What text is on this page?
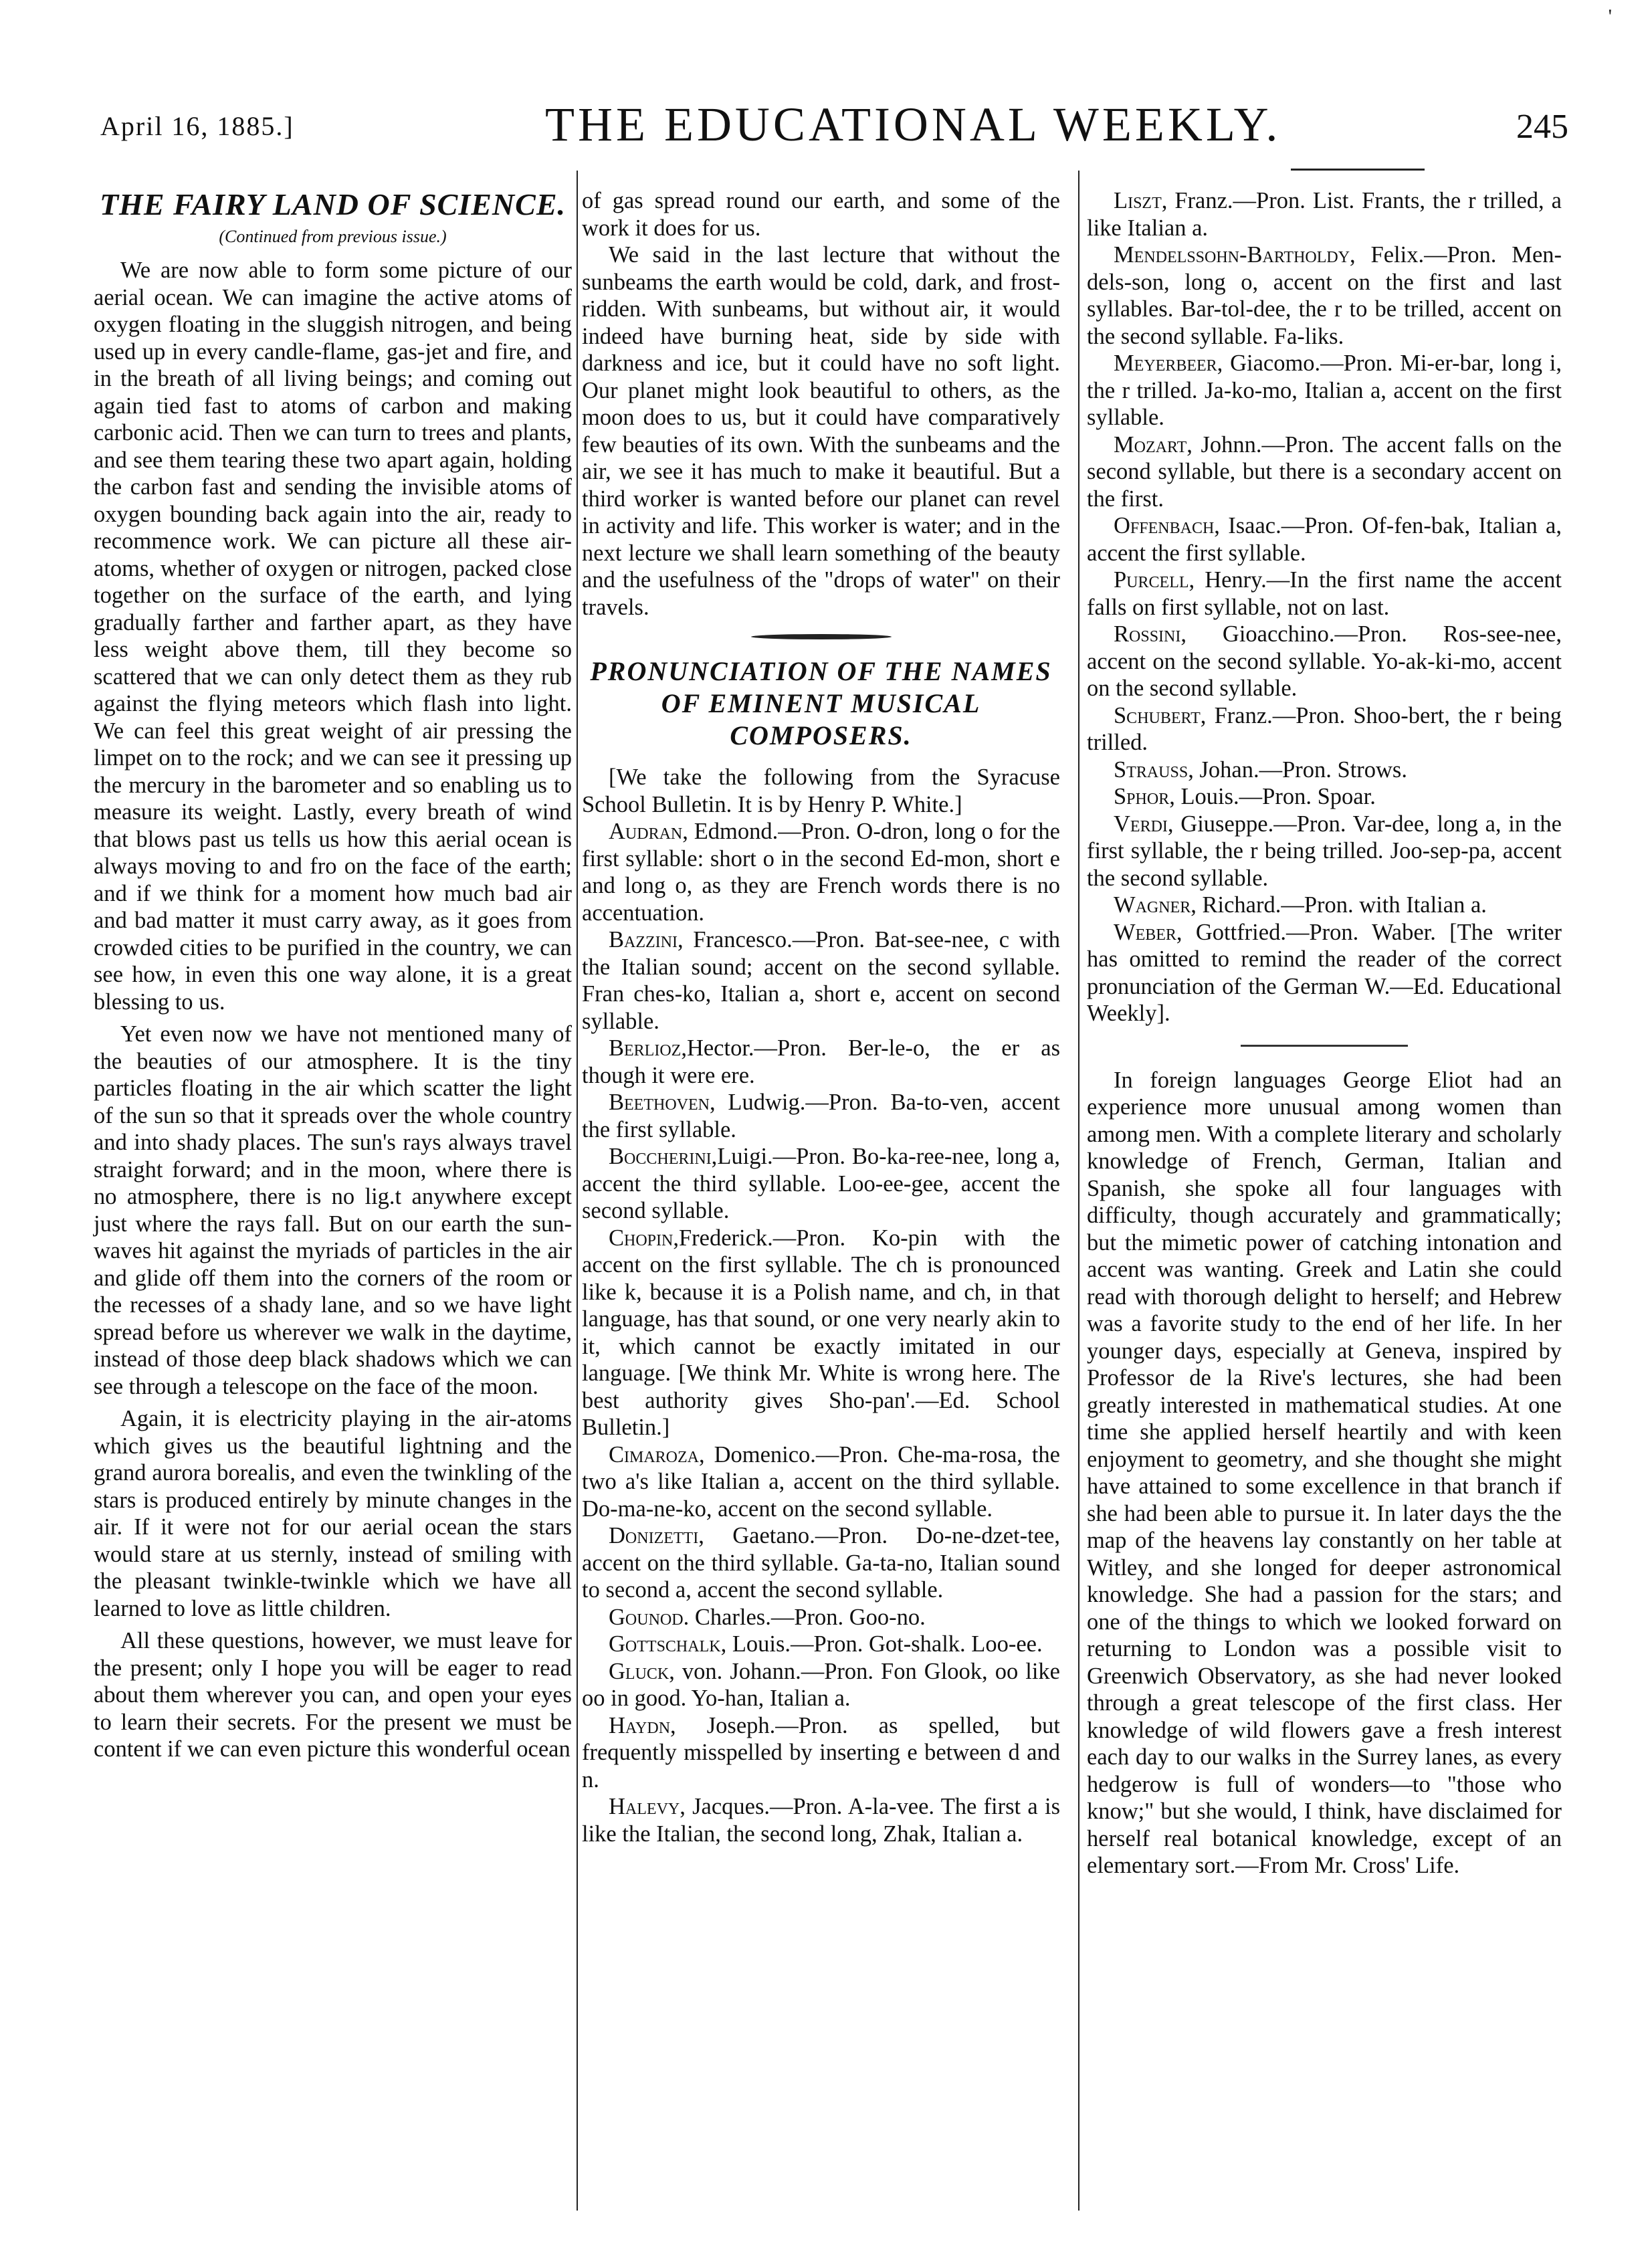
April 16, 1885.]	THE EDUCATIONAL WEEKLY.	245
'
THE FAIRY LAND OF SCIENCE.
(Continued from previous issue.)

We are now able to form some picture of our aerial ocean. We can imagine the active atoms of oxygen floating in the sluggish nitrogen, and being used up in every candle-flame, gas-jet and fire, and in the breath of all living beings; and coming out again tied fast to atoms of carbon and making carbonic acid. Then we can turn to trees and plants, and see them tearing these two apart again, holding the carbon fast and sending the invisible atoms of oxygen bounding back again into the air, ready to recommence work. We can picture all these air-atoms, whether of oxygen or nitrogen, packed close together on the surface of the earth, and lying gradually farther and farther apart, as they have less weight above them, till they become so scattered that we can only detect them as they rub against the flying meteors which flash into light. We can feel this great weight of air pressing the limpet on to the rock; and we can see it pressing up the mercury in the barometer and so enabling us to measure its weight. Lastly, every breath of wind that blows past us tells us how this aerial ocean is always moving to and fro on the face of the earth; and if we think for a moment how much bad air and bad matter it must carry away, as it goes from crowded cities to be purified in the country, we can see how, in even this one way alone, it is a great blessing to us.

Yet even now we have not mentioned many of the beauties of our atmosphere. It is the tiny particles floating in the air which scatter the light of the sun so that it spreads over the whole country and into shady places. The sun's rays always travel straight forward; and in the moon, where there is no atmosphere, there is no lig.t anywhere except just where the rays fall. But on our earth the sun-waves hit against the myriads of particles in the air and glide off them into the corners of the room or the recesses of a shady lane, and so we have light spread before us wherever we walk in the daytime, instead of those deep black shadows which we can see through a telescope on the face of the moon.

Again, it is electricity playing in the air-atoms which gives us the beautiful lightning and the grand aurora borealis, and even the twinkling of the stars is produced entirely by minute changes in the air. If it were not for our aerial ocean the stars would stare at us sternly, instead of smiling with the pleasant twinkle-twinkle which we have all learned to love as little children.

All these questions, however, we must leave for the present; only I hope you will be eager to read about them wherever you can, and open your eyes to learn their secrets. For the present we must be content if we can even picture this wonderful ocean

of gas spread round our earth, and some of the work it does for us.

We said in the last lecture that without the sunbeams the earth would be cold, dark, and frost-ridden. With sunbeams, but without air, it would indeed have burning heat, side by side with darkness and ice, but it could have no soft light. Our planet might look beautiful to others, as the moon does to us, but it could have comparatively few beauties of its own. With the sunbeams and the air, we see it has much to make it beautiful. But a third worker is wanted before our planet can revel in activity and life. This worker is water; and in the next lecture we shall learn something of the beauty and the usefulness of the "drops of water" on their travels.

PRONUNCIATION OF THE NAMES OF EMINENT MUSICAL COMPOSERS.

[We take the following from the Syracuse School Bulletin. It is by Henry P. White.]

Audran, Edmond.—Pron. O-dron, long o for the first syllable: short o in the second Ed-mon, short e and long o, as they are French words there is no accentuation.

Bazzini, Francesco.—Pron. Bat-see-nee, c with the Italian sound; accent on the second syllable. Fran ches-ko, Italian a, short e, accent on second syllable.

Berlioz,Hector.—Pron. Ber-le-o, the er as though it were ere.

Beethoven, Ludwig.—Pron. Ba-to-ven, accent the first syllable.

Boccherini,Luigi.—Pron. Bo-ka-ree-nee, long a, accent the third syllable. Loo-ee-gee, accent the second syllable.

Chopin,Frederick.—Pron. Ko-pin with the accent on the first syllable. The ch is pronounced like k, because it is a Polish name, and ch, in that language, has that sound, or one very nearly akin to it, which cannot be exactly imitated in our language. [We think Mr. White is wrong here. The best authority gives Sho-pan'.—Ed. School Bulletin.]

Cimaroza, Domenico.—Pron. Che-ma-rosa, the two a's like Italian a, accent on the third syllable. Do-ma-ne-ko, accent on the second syllable.

Donizetti, Gaetano.—Pron. Do-ne-dzet-tee, accent on the third syllable. Ga-ta-no, Italian sound to second a, accent the second syllable.

Gounod. Charles.—Pron. Goo-no.

Gottschalk, Louis.—Pron. Got-shalk. Loo-ee.

Gluck, von. Johann.—Pron. Fon Glook, oo like oo in good. Yo-han, Italian a.

Haydn, Joseph.—Pron. as spelled, but frequently misspelled by inserting e between d and n.

Halevy, Jacques.—Pron. A-la-vee. The first a is like the Italian, the second long, Zhak, Italian a.

Liszt, Franz.—Pron. List. Frants, the r trilled, a like Italian a.

Mendelssohn-Bartholdy, Felix.—Pron. Men-dels-son, long o, accent on the first and last syllables. Bar-tol-dee, the r to be trilled, accent on the second syllable. Fa-liks.

Meyerbeer, Giacomo.—Pron. Mi-er-bar, long i, the r trilled. Ja-ko-mo, Italian a, accent on the first syllable.

Mozart, Johnn.—Pron. The accent falls on the second syllable, but there is a secondary accent on the first.

Offenbach, Isaac.—Pron. Of-fen-bak, Italian a, accent the first syllable.

Purcell, Henry.—In the first name the accent falls on first syllable, not on last.

Rossini, Gioacchino.—Pron. Ros-see-nee, accent on the second syllable. Yo-ak-ki-mo, accent on the second syllable.

Schubert, Franz.—Pron. Shoo-bert, the r being trilled.

Strauss, Johan.—Pron. Strows.

Sphor, Louis.—Pron. Spoar.

Verdi, Giuseppe.—Pron. Var-dee, long a, in the first syllable, the r being trilled. Joo-sep-pa, accent the second syllable.

Wagner, Richard.—Pron. with Italian a.

Weber, Gottfried.—Pron. Waber. [The writer has omitted to remind the reader of the correct pronunciation of the German W.—Ed. Educational Weekly].

In foreign languages George Eliot had an experience more unusual among women than among men. With a complete literary and scholarly knowledge of French, German, Italian and Spanish, she spoke all four languages with difficulty, though accurately and grammatically; but the mimetic power of catching intonation and accent was wanting. Greek and Latin she could read with thorough delight to herself; and Hebrew was a favorite study to the end of her life. In her younger days, especially at Geneva, inspired by Professor de la Rive's lectures, she had been greatly interested in mathematical studies. At one time she applied herself heartily and with keen enjoyment to geometry, and she thought she might have attained to some excellence in that branch if she had been able to pursue it. In later days the the map of the heavens lay constantly on her table at Witley, and she longed for deeper astronomical knowledge. She had a passion for the stars; and one of the things to which we looked forward on returning to London was a possible visit to Greenwich Observatory, as she had never looked through a great telescope of the first class. Her knowledge of wild flowers gave a fresh interest each day to our walks in the Surrey lanes, as every hedgerow is full of wonders—to "those who know;" but she would, I think, have disclaimed for herself real botanical knowledge, except of an elementary sort.—From Mr. Cross' Life.
